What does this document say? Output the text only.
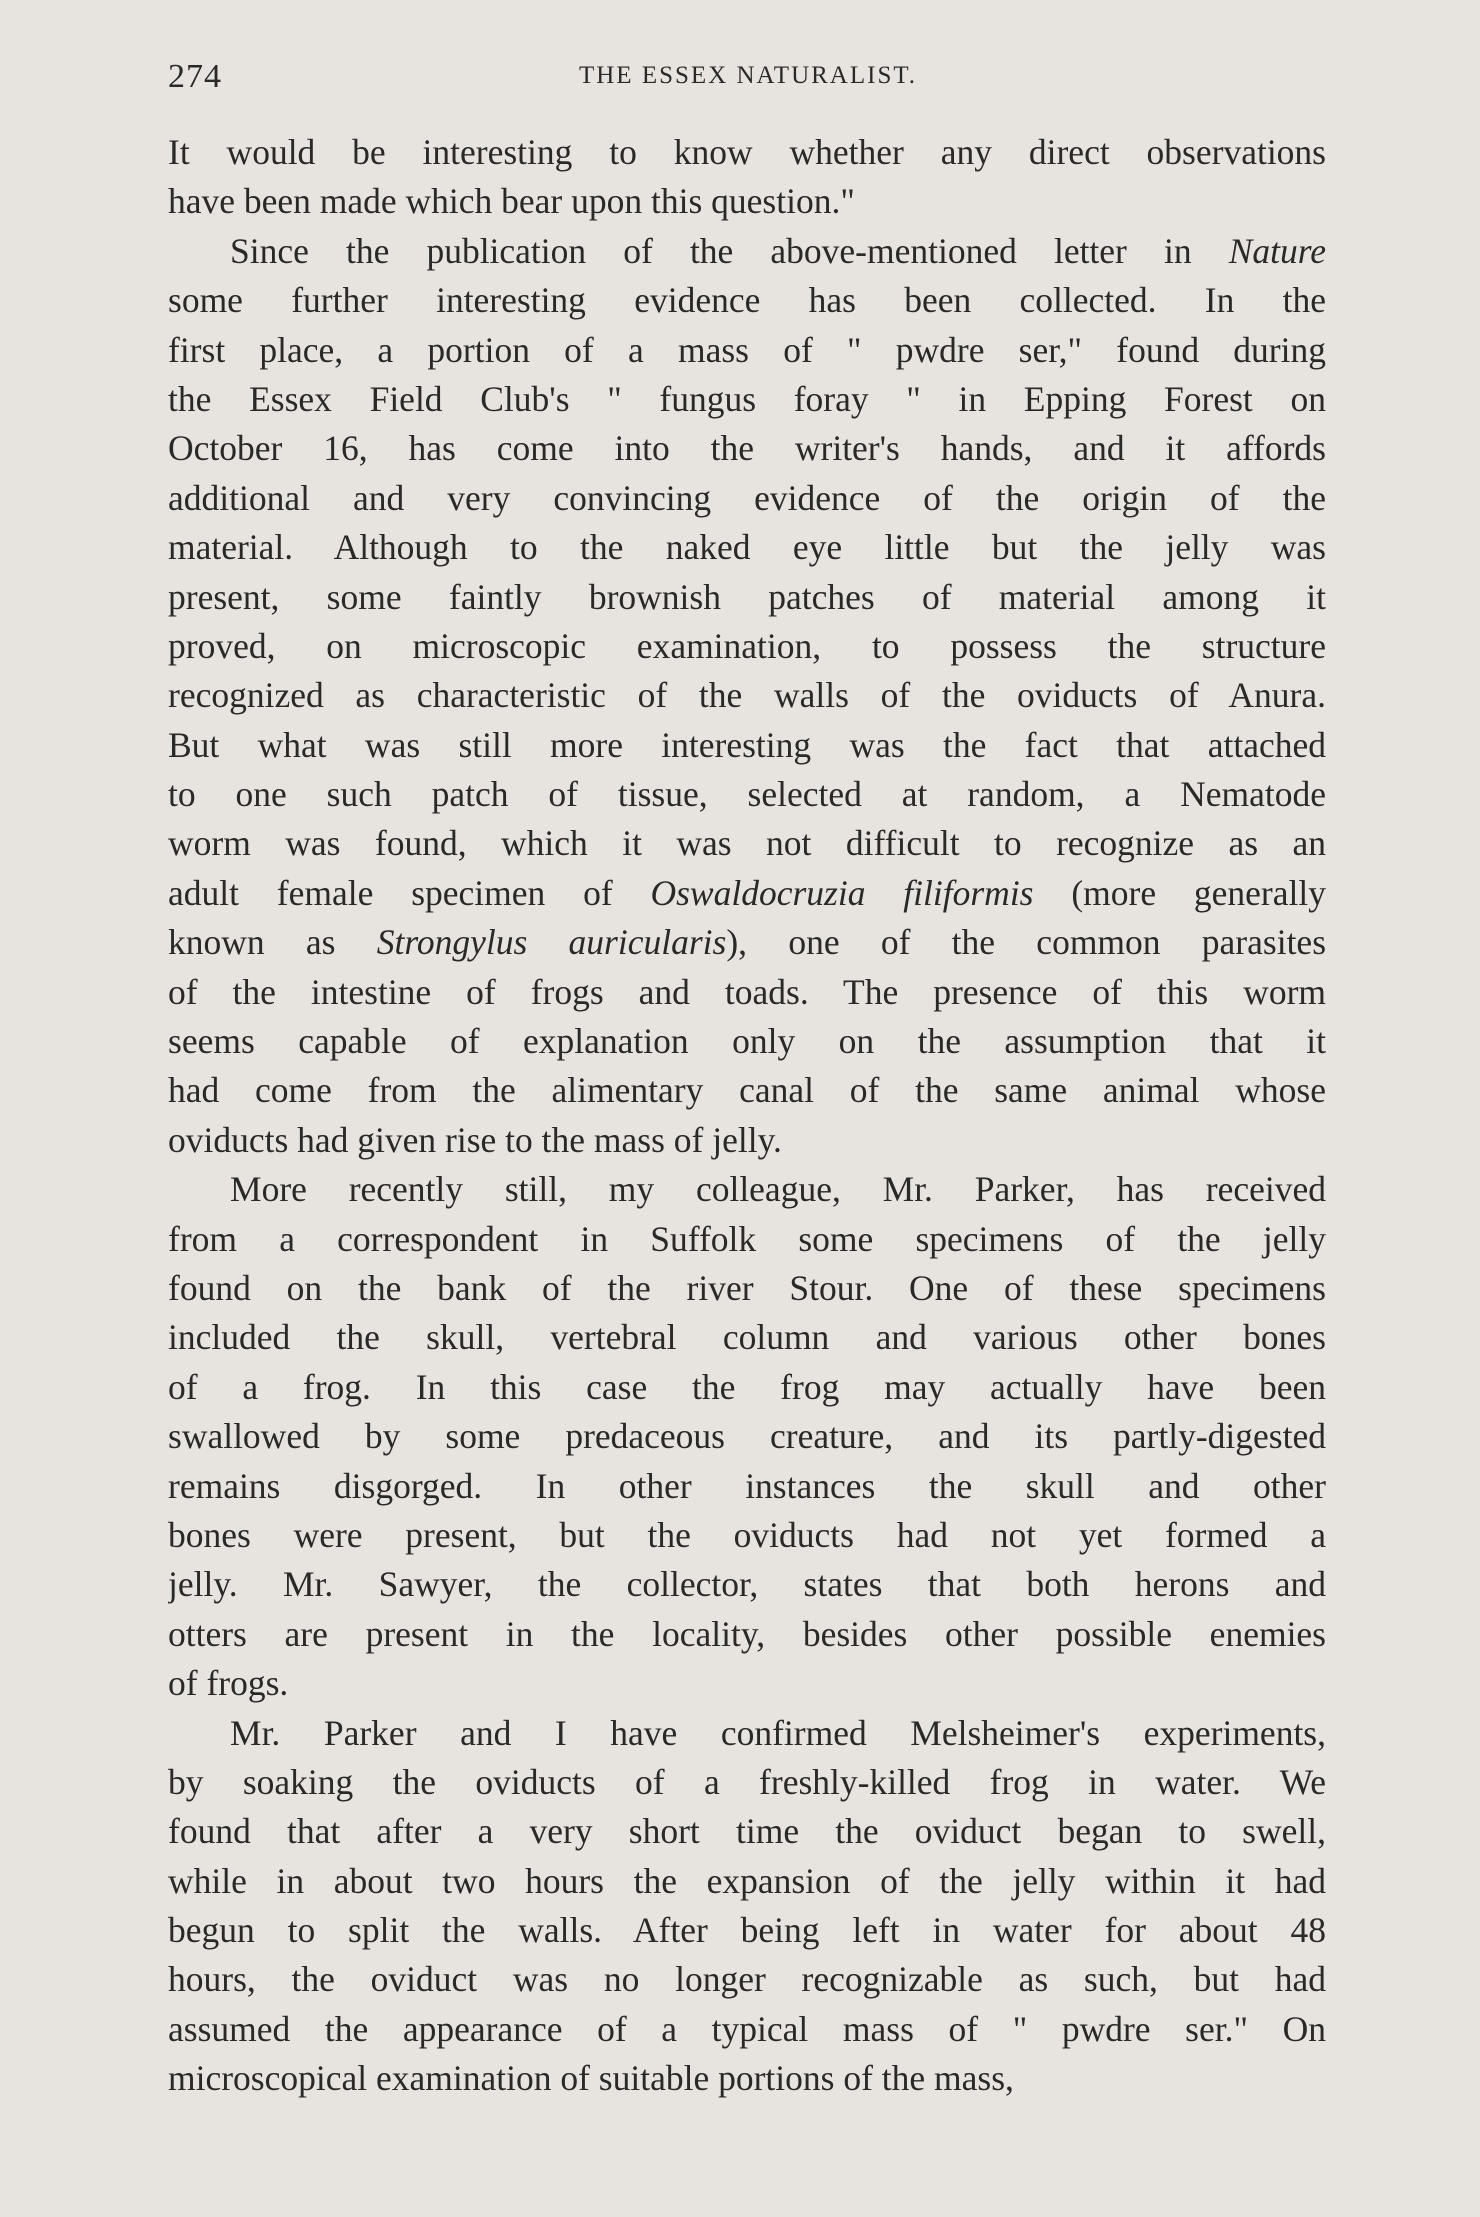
274	THE ESSEX NATURALIST.
It would be interesting to know whether any direct observations
have been made which bear upon this question."
Since the publication of the above-mentioned letter in Nature
some further interesting evidence has been collected. In the
first place, a portion of a mass of " pwdre ser," found during
the Essex Field Club's " fungus foray " in Epping Forest on
October 16, has come into the writer's hands, and it affords
additional and very convincing evidence of the origin of the
material. Although to the naked eye little but the jelly was
present, some faintly brownish patches of material among it
proved, on microscopic examination, to possess the structure
recognized as characteristic of the walls of the oviducts of Anura.
But what was still more interesting was the fact that attached
to one such patch of tissue, selected at random, a Nematode
worm was found, which it was not difficult to recognize as an
adult female specimen of Oswaldocruzia filiformis (more generally
known as Strongylus auricularis), one of the common parasites
of the intestine of frogs and toads. The presence of this worm
seems capable of explanation only on the assumption that it
had come from the alimentary canal of the same animal whose
oviducts had given rise to the mass of jelly.
More recently still, my colleague, Mr. Parker, has received
from a correspondent in Suffolk some specimens of the jelly
found on the bank of the river Stour. One of these specimens
included the skull, vertebral column and various other bones
of a frog. In this case the frog may actually have been
swallowed by some predaceous creature, and its partly-digested
remains disgorged. In other instances the skull and other
bones were present, but the oviducts had not yet formed a
jelly. Mr. Sawyer, the collector, states that both herons and
otters are present in the locality, besides other possible enemies
of frogs.
Mr. Parker and I have confirmed Melsheimer's experiments,
by soaking the oviducts of a freshly-killed frog in water. We
found that after a very short time the oviduct began to swell,
while in about two hours the expansion of the jelly within it had
begun to split the walls. After being left in water for about 48
hours, the oviduct was no longer recognizable as such, but had
assumed the appearance of a typical mass of " pwdre ser." On
microscopical examination of suitable portions of the mass,
